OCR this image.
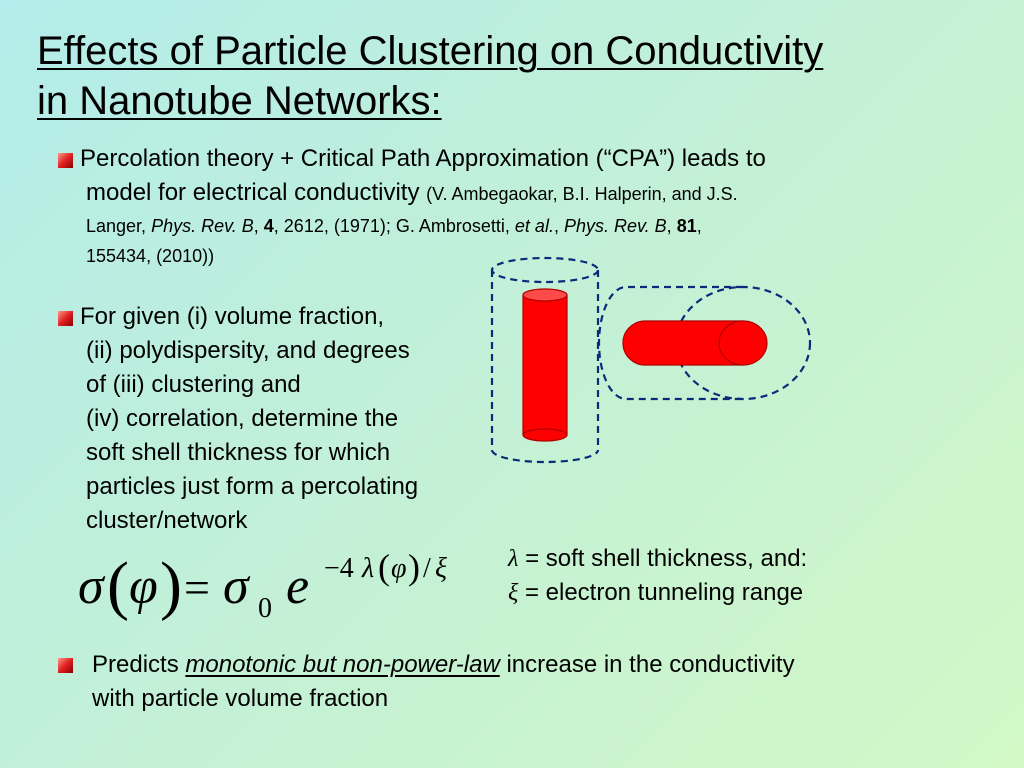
Effects of Particle Clustering on Conductivity
in Nanotube Networks:
Percolation theory + Critical Path Approximation (“CPA”) leads to
model for electrical conductivity (V. Ambegaokar, B.I. Halperin, and J.S.
Langer, Phys. Rev. B, 4, 2612, (1971); G. Ambrosetti, et al., Phys. Rev. B, 81,
155434, (2010))
For given (i) volume fraction,
(ii) polydispersity, and degrees
of (iii) clustering and
(iv) correlation, determine the
soft shell thickness for which
particles just form a percolating
cluster/network
σ ( φ ) = σ 0 e −4 λ ( φ ) / ξ	λ = soft shell thickness, and:
ξ = electron tunneling range
Predicts monotonic but non-power-law increase in the conductivity
with particle volume fraction
